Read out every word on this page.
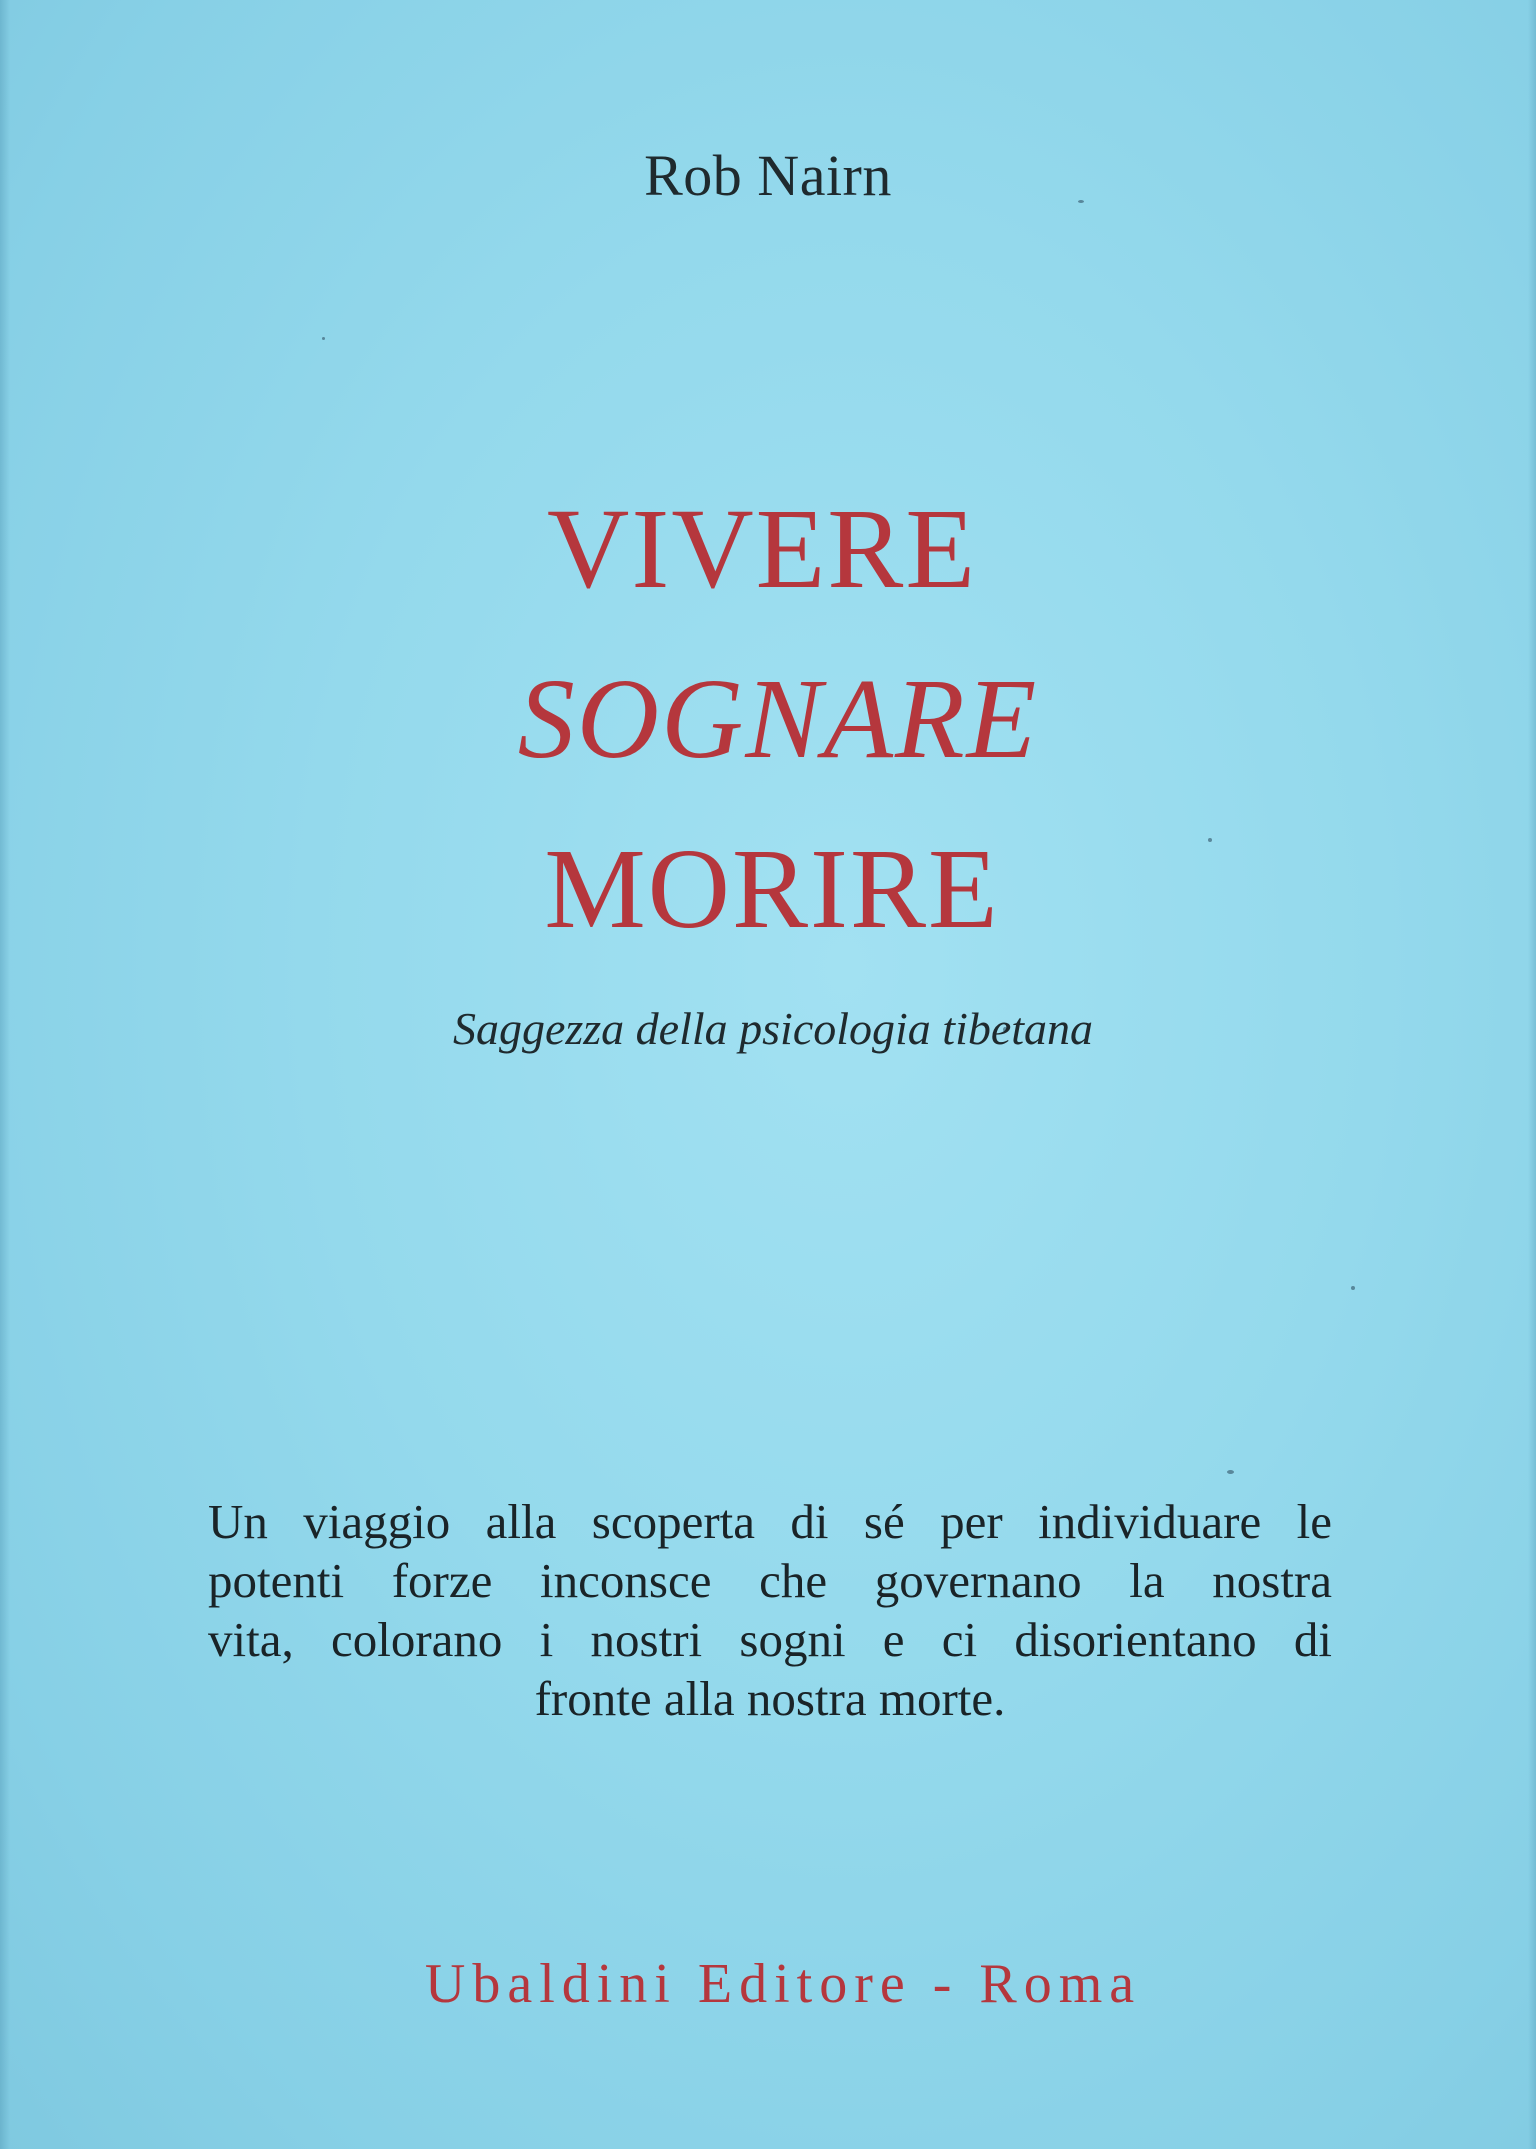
Rob Nairn
VIVERE
SOGNARE
MORIRE
Saggezza della psicologia tibetana
Un viaggio alla scoperta di sé per individuare le
potenti forze inconsce che governano la nostra
vita, colorano i nostri sogni e ci disorientano di
fronte alla nostra morte.
Ubaldini Editore - Roma
